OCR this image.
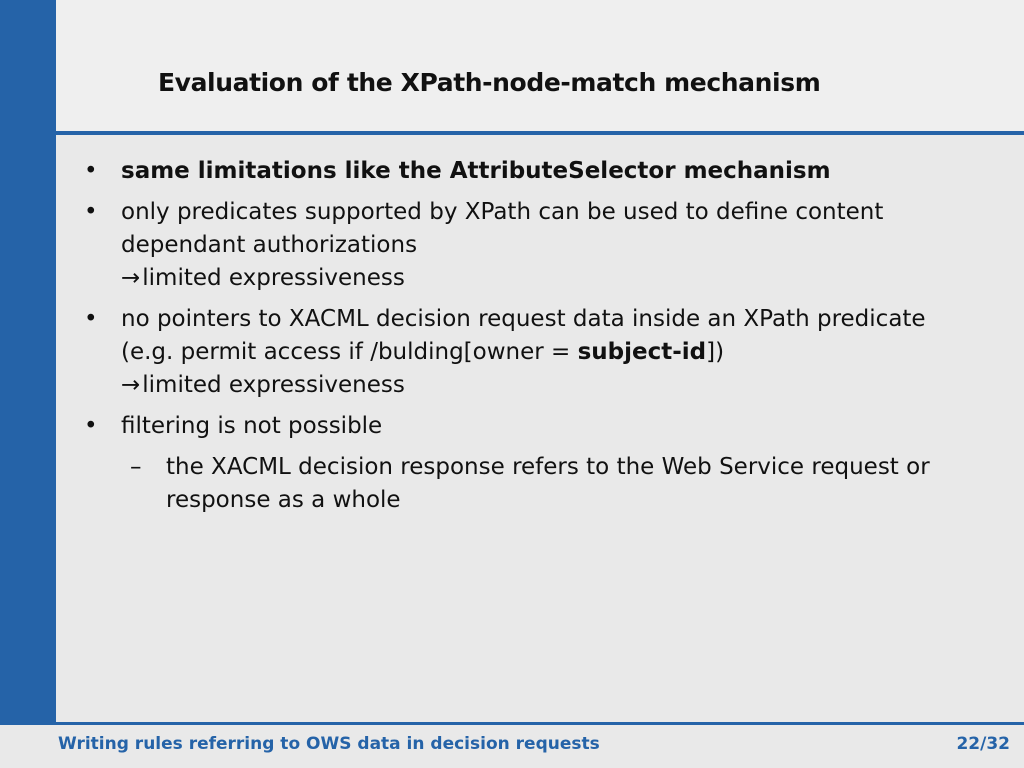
Evaluation of the XPath-node-match mechanism
• same limitations like the AttributeSelector mechanism
• only predicates supported by XPath can be used to define content
dependant authorizations
→limited expressiveness
• no pointers to XACML decision request data inside an XPath predicate
(e.g. permit access if /bulding[owner = subject-id])
→limited expressiveness
• filtering is not possible
– the XACML decision response refers to the Web Service request or response as a whole
Writing rules referring to OWS data in decision requests	22/32
